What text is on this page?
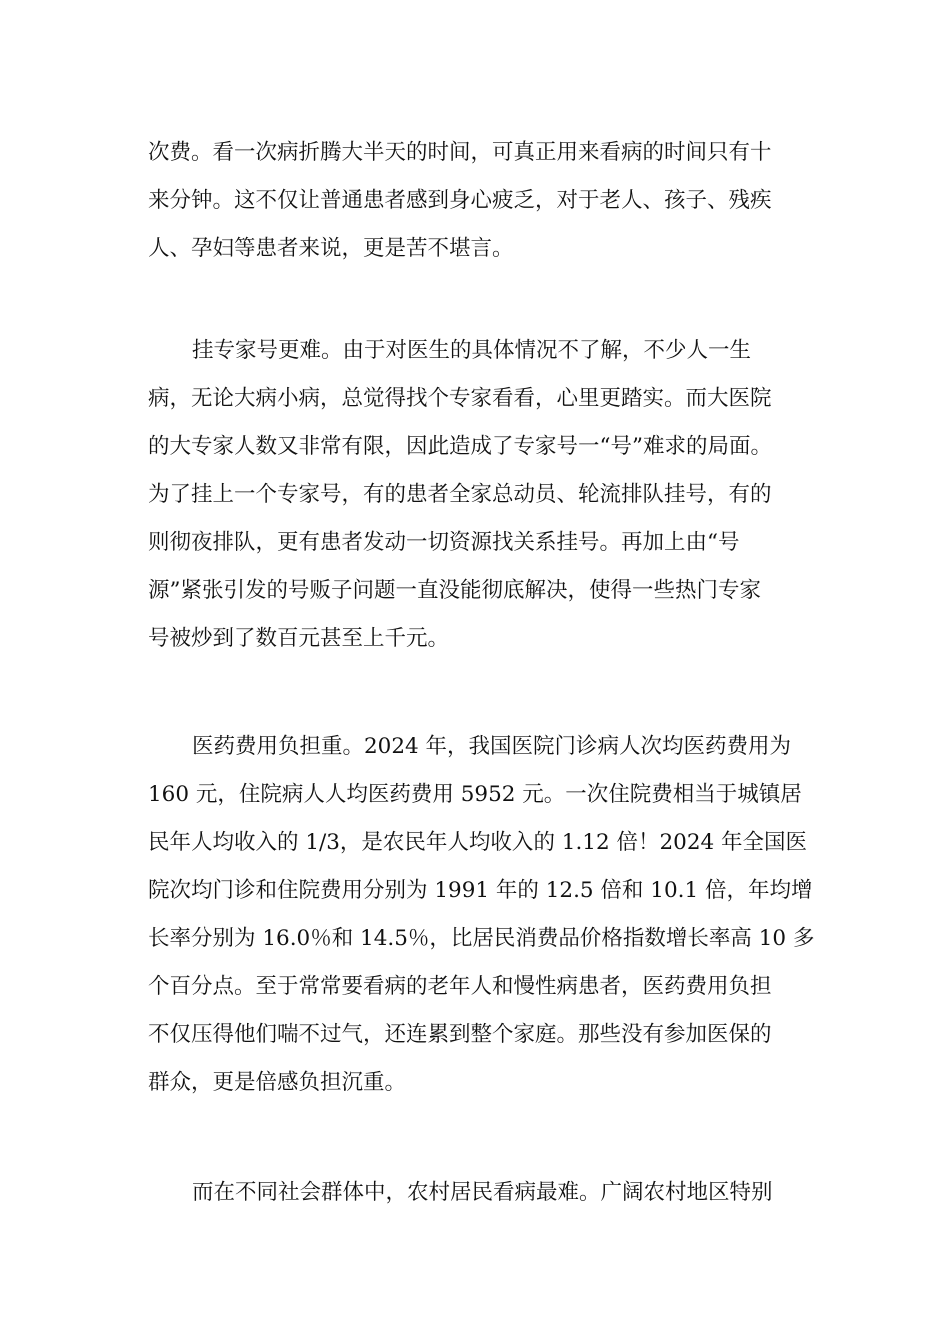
次费。看一次病折腾大半天的时间，可真正用来看病的时间只有十
来分钟。这不仅让普通患者感到身心疲乏，对于老人、孩子、残疾
人、孕妇等患者来说，更是苦不堪言。
挂专家号更难。由于对医生的具体情况不了解，不少人一生
病，无论大病小病，总觉得找个专家看看，心里更踏实。而大医院
的大专家人数又非常有限，因此造成了专家号一“号”难求的局面。
为了挂上一个专家号，有的患者全家总动员、轮流排队挂号，有的
则彻夜排队，更有患者发动一切资源找关系挂号。再加上由“号
源”紧张引发的号贩子问题一直没能彻底解决，使得一些热门专家
号被炒到了数百元甚至上千元。
医药费用负担重。2024 年，我国医院门诊病人次均医药费用为
160 元，住院病人人均医药费用 5952 元。一次住院费相当于城镇居
民年人均收入的 1/3，是农民年人均收入的 1.12 倍！2024 年全国医
院次均门诊和住院费用分别为 1991 年的 12.5 倍和 10.1 倍，年均增
长率分别为 16.0％和 14.5％，比居民消费品价格指数增长率高 10 多
个百分点。至于常常要看病的老年人和慢性病患者，医药费用负担
不仅压得他们喘不过气，还连累到整个家庭。那些没有参加医保的
群众，更是倍感负担沉重。
而在不同社会群体中，农村居民看病最难。广阔农村地区特别
